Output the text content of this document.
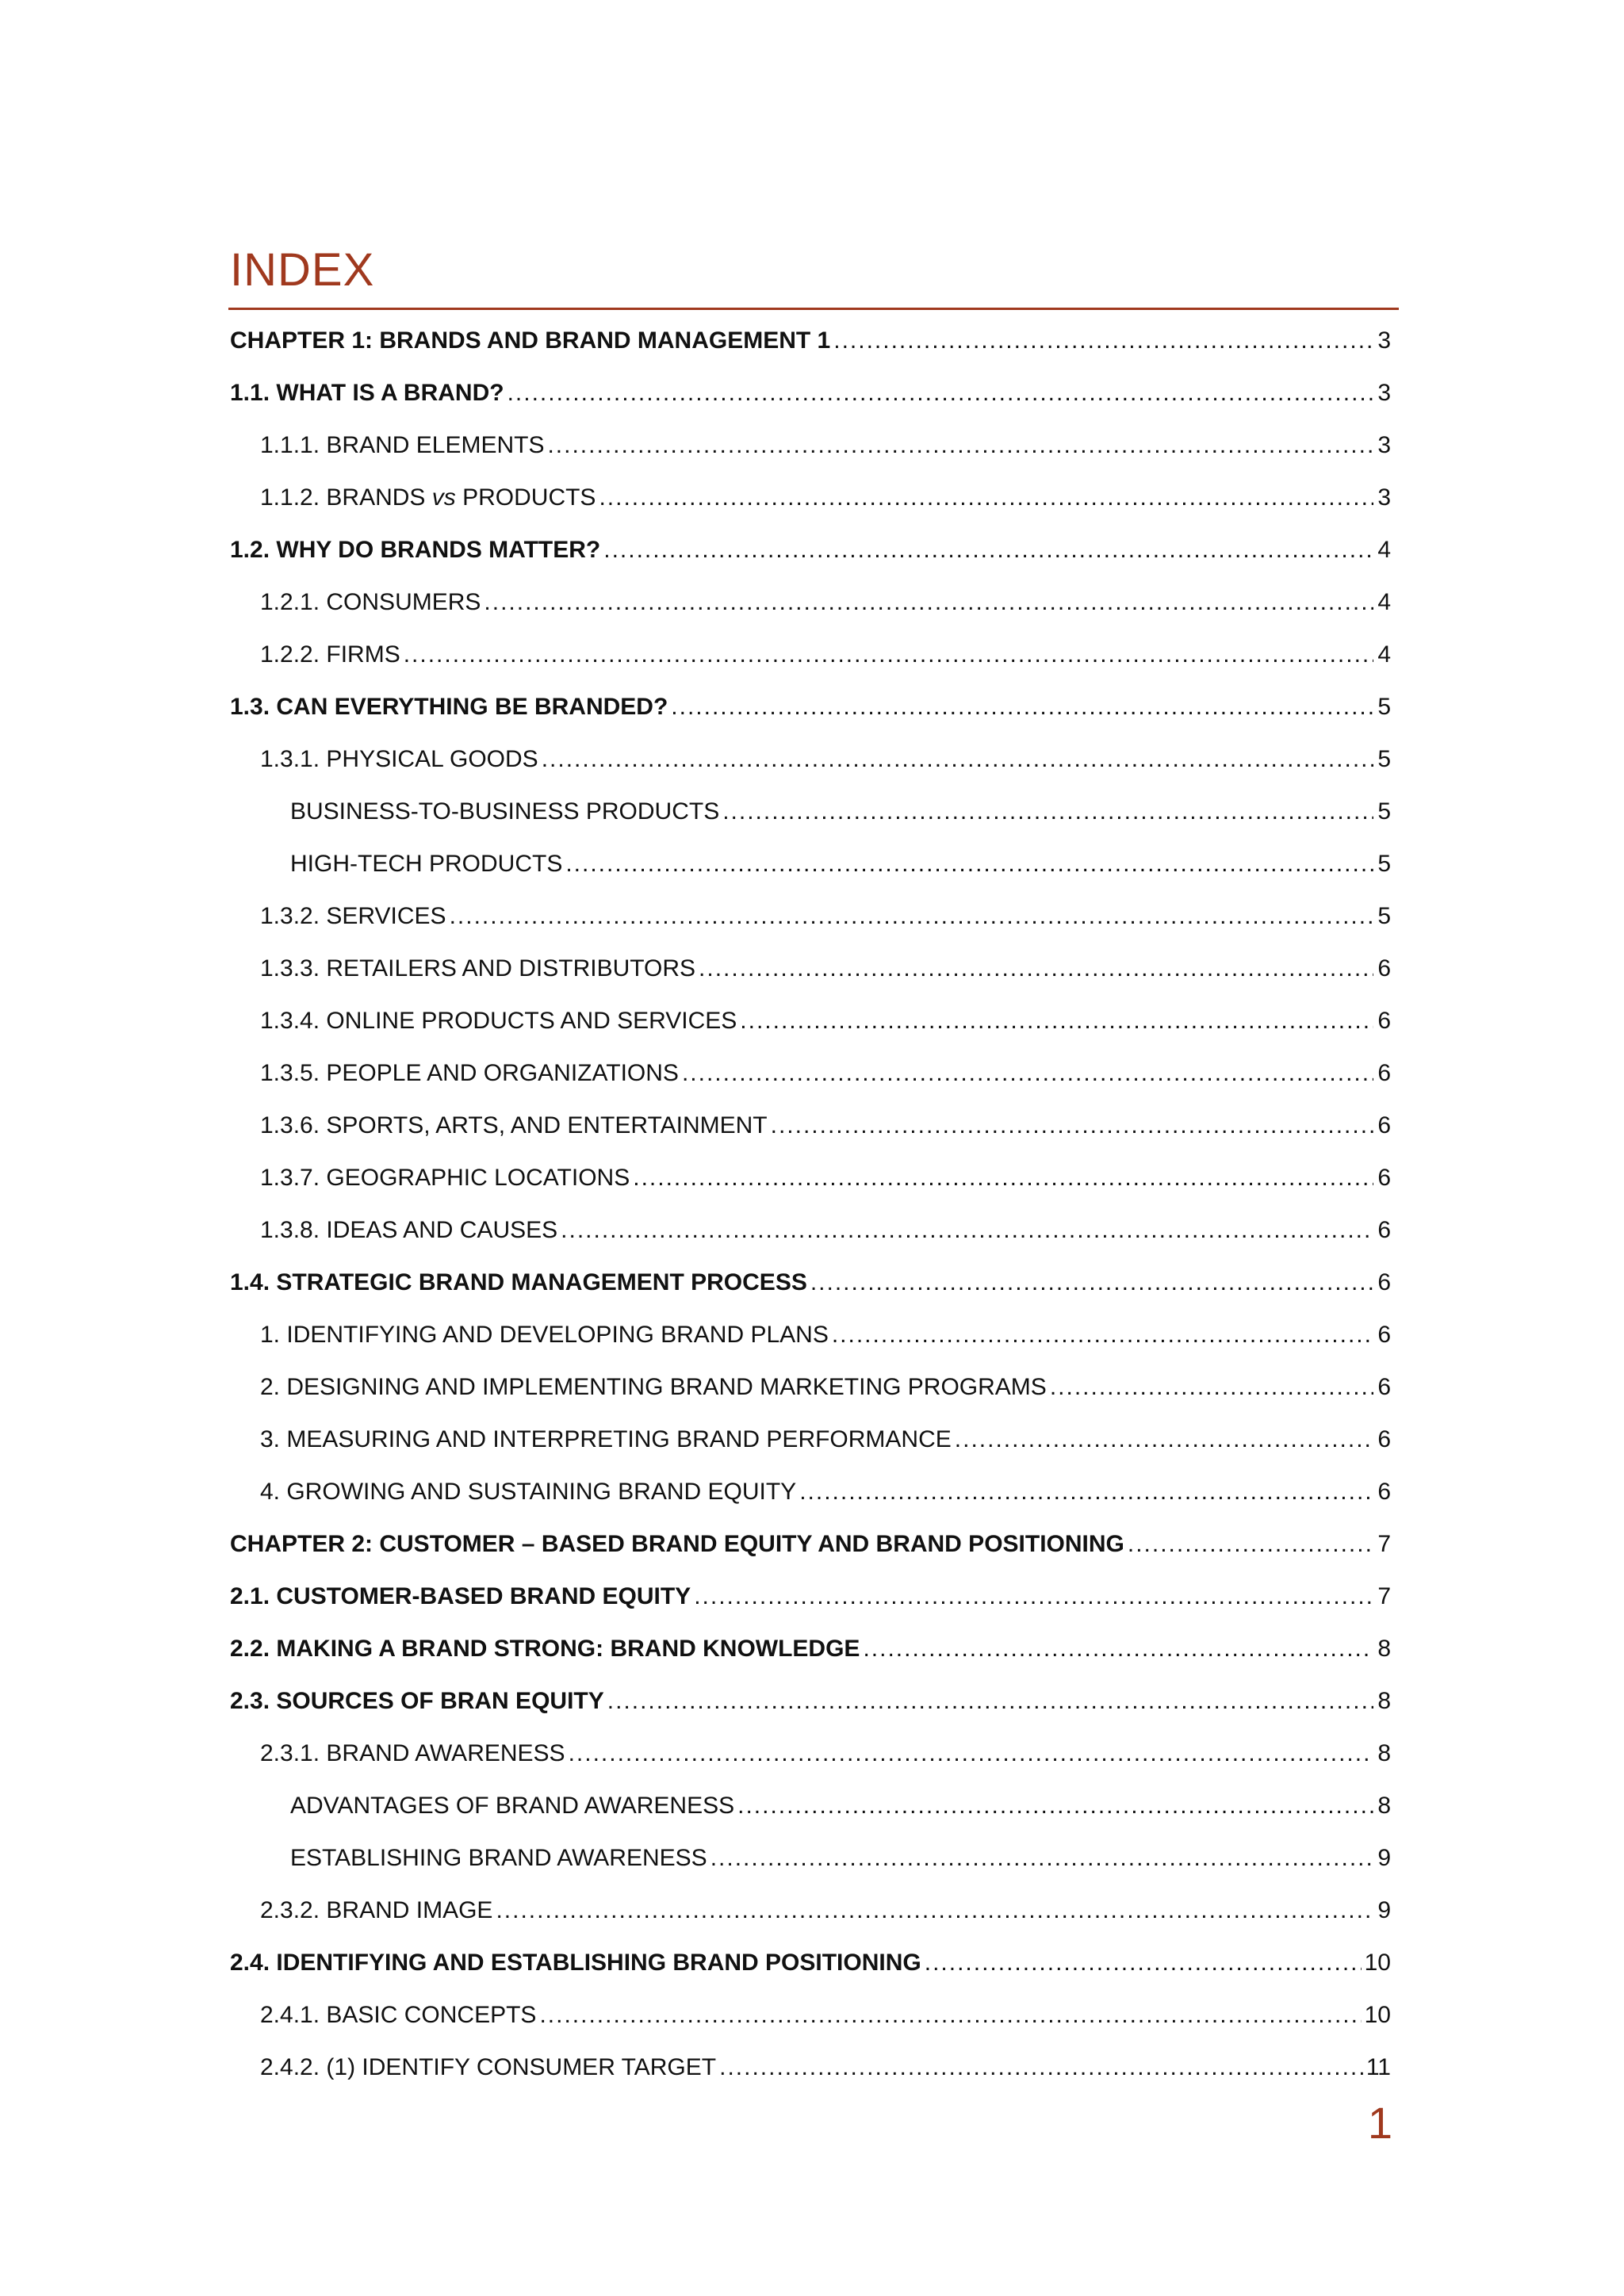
INDEX
CHAPTER 1: BRANDS AND BRAND MANAGEMENT 1 .....	3
1.1. WHAT IS A BRAND? .....	3
1.1.1. BRAND ELEMENTS .....	3
1.1.2. BRANDS vs PRODUCTS .....	3
1.2. WHY DO BRANDS MATTER? .....	4
1.2.1. CONSUMERS .....	4
1.2.2. FIRMS .....	4
1.3. CAN EVERYTHING BE BRANDED? .....	5
1.3.1. PHYSICAL GOODS .....	5
BUSINESS-TO-BUSINESS PRODUCTS .....	5
HIGH-TECH PRODUCTS .....	5
1.3.2. SERVICES .....	5
1.3.3. RETAILERS AND DISTRIBUTORS .....	6
1.3.4. ONLINE PRODUCTS AND SERVICES .....	6
1.3.5. PEOPLE AND ORGANIZATIONS .....	6
1.3.6. SPORTS, ARTS, AND ENTERTAINMENT .....	6
1.3.7. GEOGRAPHIC LOCATIONS .....	6
1.3.8. IDEAS AND CAUSES .....	6
1.4. STRATEGIC BRAND MANAGEMENT PROCESS .....	6
1. IDENTIFYING AND DEVELOPING BRAND PLANS .....	6
2. DESIGNING AND IMPLEMENTING BRAND MARKETING PROGRAMS .....	6
3. MEASURING AND INTERPRETING BRAND PERFORMANCE .....	6
4. GROWING AND SUSTAINING BRAND EQUITY .....	6
CHAPTER 2: CUSTOMER – BASED BRAND EQUITY AND BRAND POSITIONING .....	7
2.1. CUSTOMER-BASED BRAND EQUITY .....	7
2.2. MAKING A BRAND STRONG: BRAND KNOWLEDGE .....	8
2.3. SOURCES OF BRAN EQUITY .....	8
2.3.1. BRAND AWARENESS .....	8
ADVANTAGES OF BRAND AWARENESS .....	8
ESTABLISHING BRAND AWARENESS .....	9
2.3.2. BRAND IMAGE .....	9
2.4. IDENTIFYING AND ESTABLISHING BRAND POSITIONING .....	10
2.4.1. BASIC CONCEPTS .....	10
2.4.2. (1) IDENTIFY CONSUMER TARGET .....	11
1
